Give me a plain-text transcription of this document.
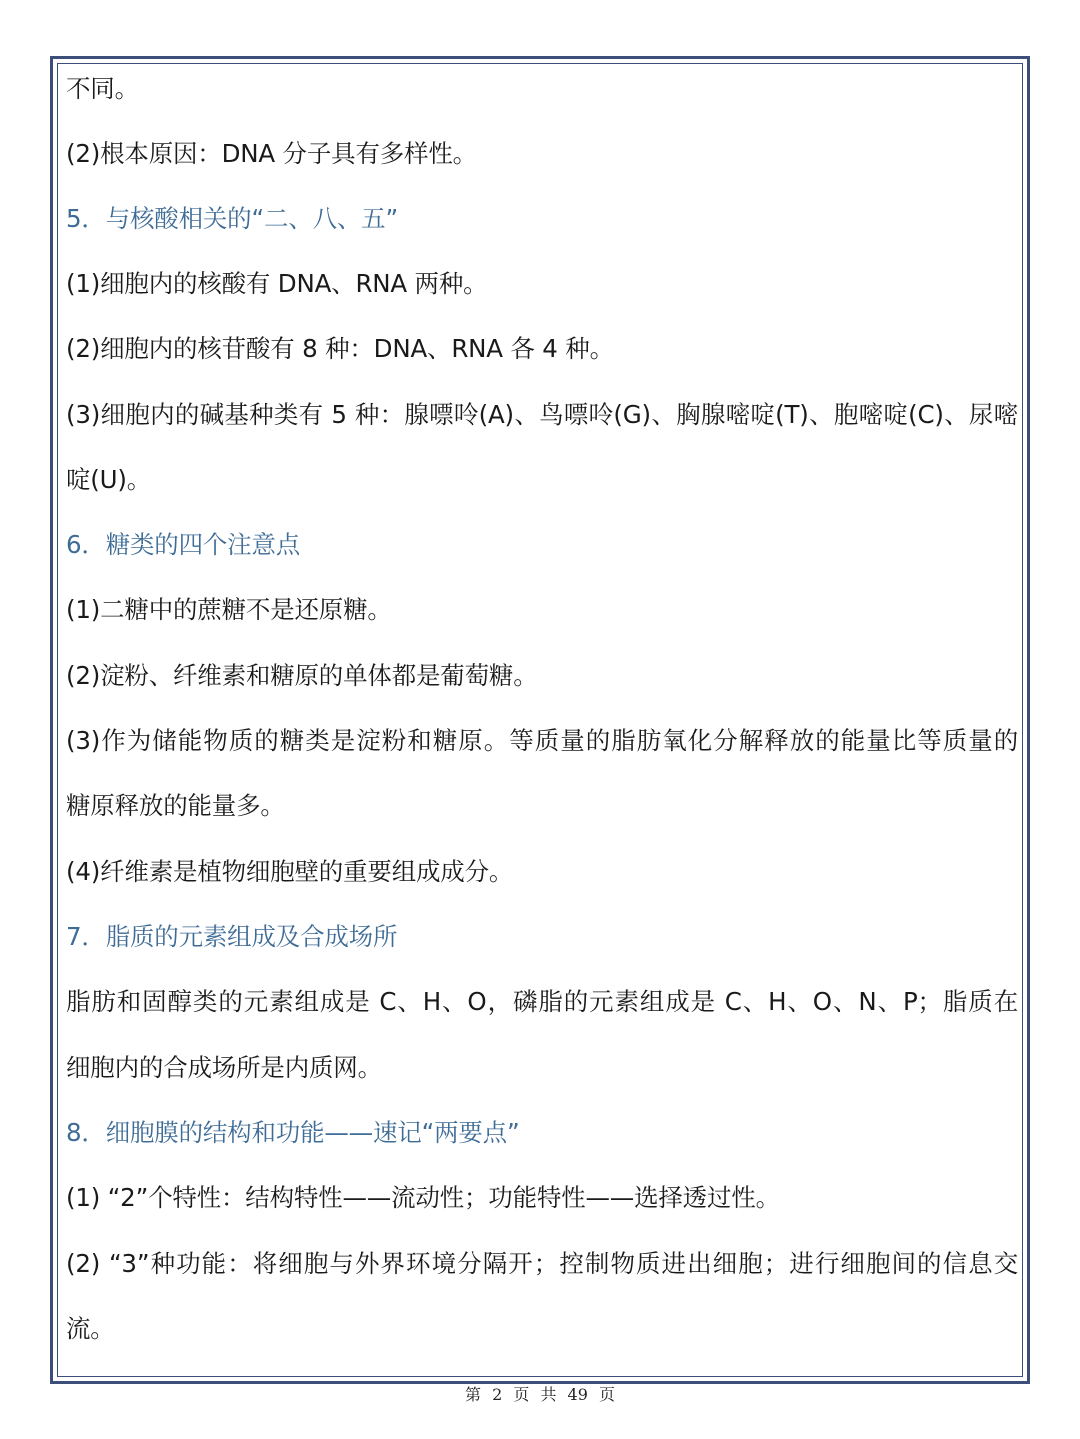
不同。
(2)根本原因：DNA 分子具有多样性。
5．与核酸相关的“二、八、五”
(1)细胞内的核酸有 DNA、RNA 两种。
(2)细胞内的核苷酸有 8 种：DNA、RNA 各 4 种。
(3)细胞内的碱基种类有 5 种：腺嘌呤(A)、鸟嘌呤(G)、胸腺嘧啶(T)、胞嘧啶(C)、尿嘧
啶(U)。
6．糖类的四个注意点
(1)二糖中的蔗糖不是还原糖。
(2)淀粉、纤维素和糖原的单体都是葡萄糖。
(3)作为储能物质的糖类是淀粉和糖原。等质量的脂肪氧化分解释放的能量比等质量的
糖原释放的能量多。
(4)纤维素是植物细胞壁的重要组成成分。
7．脂质的元素组成及合成场所
脂肪和固醇类的元素组成是 C、H、O，磷脂的元素组成是 C、H、O、N、P；脂质在
细胞内的合成场所是内质网。
8．细胞膜的结构和功能——速记“两要点”
(1) “2”个特性：结构特性——流动性；功能特性——选择透过性。
(2) “3”种功能：将细胞与外界环境分隔开；控制物质进出细胞；进行细胞间的信息交
流。
第 2 页 共 49 页
